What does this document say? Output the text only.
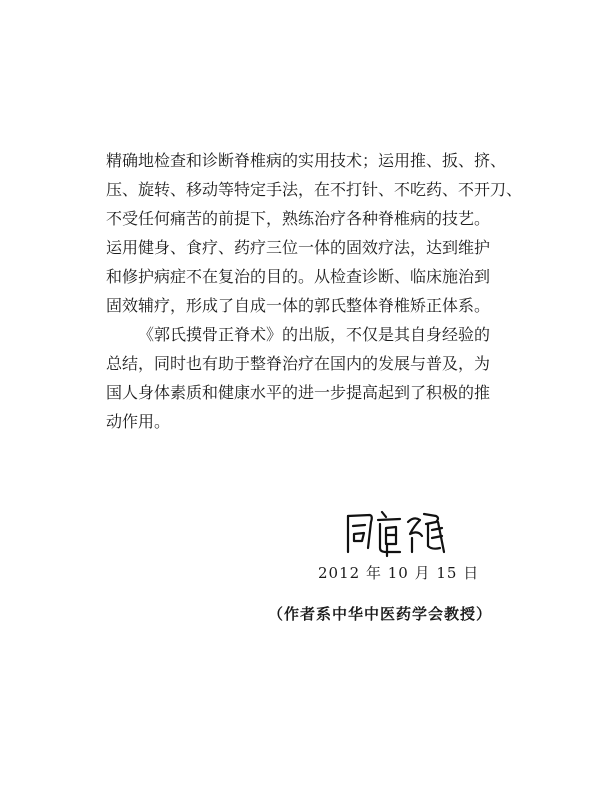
精确地检查和诊断脊椎病的实用技术；运用推、扳、挤、
压、旋转、移动等特定手法，在不打针、不吃药、不开刀、
不受任何痛苦的前提下，熟练治疗各种脊椎病的技艺。
运用健身、食疗、药疗三位一体的固效疗法，达到维护
和修护病症不在复治的目的。从检查诊断、临床施治到
固效辅疗，形成了自成一体的郭氏整体脊椎矫正体系。
《郭氏摸骨正脊术》的出版，不仅是其自身经验的
总结，同时也有助于整脊治疗在国内的发展与普及，为
国人身体素质和健康水平的进一步提高起到了积极的推
动作用。
2012 年 10 月 15 日
（作者系中华中医药学会教授）
